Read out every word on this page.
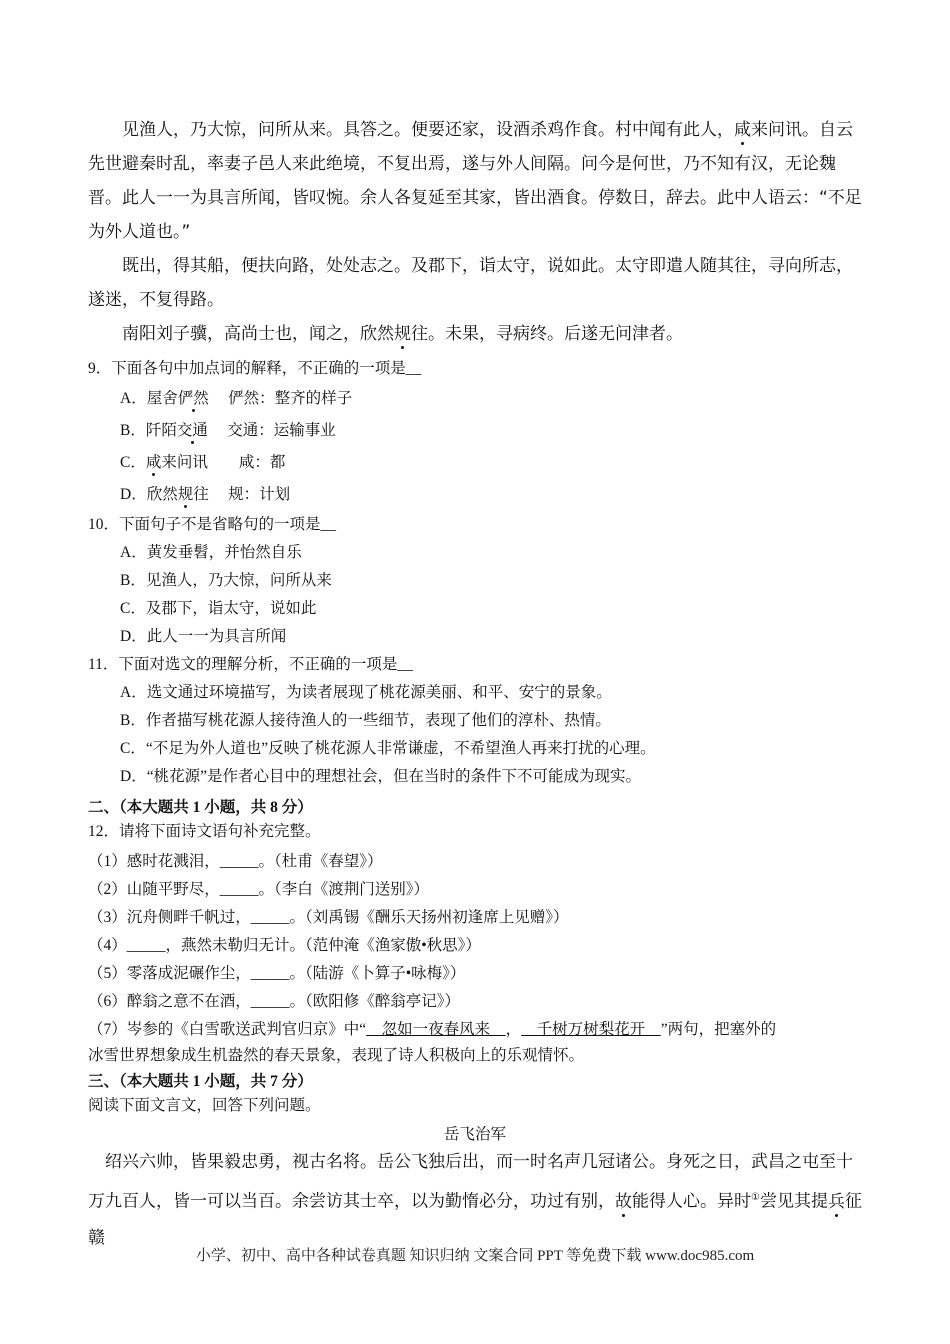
见渔人，乃大惊，问所从来。具答之。便要还家，设酒杀鸡作食。村中闻有此人，咸来问讯。自云先世避秦时乱，率妻子邑人来此绝境，不复出焉，遂与外人间隔。问今是何世，乃不知有汉，无论魏晋。此人一一为具言所闻，皆叹惋。余人各复延至其家，皆出酒食。停数日，辞去。此中人语云：“不足为外人道也。”

既出，得其船，便扶向路，处处志之。及郡下，诣太守，说如此。太守即遣人随其往，寻向所志，遂迷，不复得路。

南阳刘子骥，高尚士也，闻之，欣然规往。未果，寻病终。后遂无问津者。

9．下面各句中加点词的解释，不正确的一项是__

A．屋舍俨然     俨然：整齐的样子

B．阡陌交通     交通：运输事业

C．咸来问讯        咸：都

D．欣然规往     规：计划

10．下面句子不是省略句的一项是__

A．黄发垂髫，并怡然自乐

B．见渔人，乃大惊，问所从来

C．及郡下，诣太守，说如此

D．此人一一为具言所闻

11．下面对选文的理解分析，不正确的一项是__

A．选文通过环境描写，为读者展现了桃花源美丽、和平、安宁的景象。

B．作者描写桃花源人接待渔人的一些细节，表现了他们的淳朴、热情。

C．“不足为外人道也”反映了桃花源人非常谦虚，不希望渔人再来打扰的心理。

D．“桃花源”是作者心目中的理想社会，但在当时的条件下不可能成为现实。

二、（本大题共 1 小题，共 8 分）

12．请将下面诗文语句补充完整。

（1）感时花溅泪，_____。（杜甫《春望》）

（2）山随平野尽，_____。（李白《渡荆门送别》）

（3）沉舟侧畔千帆过，_____。（刘禹锡《酬乐天扬州初逢席上见赠》）

（4）_____，燕然未勒归无计。（范仲淹《渔家傲•秋思》）

（5）零落成泥碾作尘，_____。（陆游《卜算子•咏梅》）

（6）醉翁之意不在酒，_____。（欧阳修《醉翁亭记》）

（7）岑参的《白雪歌送武判官归京》中“    忽如一夜春风来    ，    千树万树梨花开    ”两句，把塞外的

冰雪世界想象成生机盎然的春天景象，表现了诗人积极向上的乐观情怀。

三、（本大题共 1 小题，共 7 分）

阅读下面文言文，回答下列问题。

岳飞治军

绍兴六帅，皆果毅忠勇，视古名将。岳公飞独后出，而一时名声几冠诸公。身死之日，武昌之屯至十万九百人，皆一可以当百。余尝访其士卒，以为勤惰必分，功过有别，故能得人心。异时①尝见其提兵征赣

小学、初中、高中各种试卷真题 知识归纳 文案合同 PPT 等免费下载 www.doc985.com
